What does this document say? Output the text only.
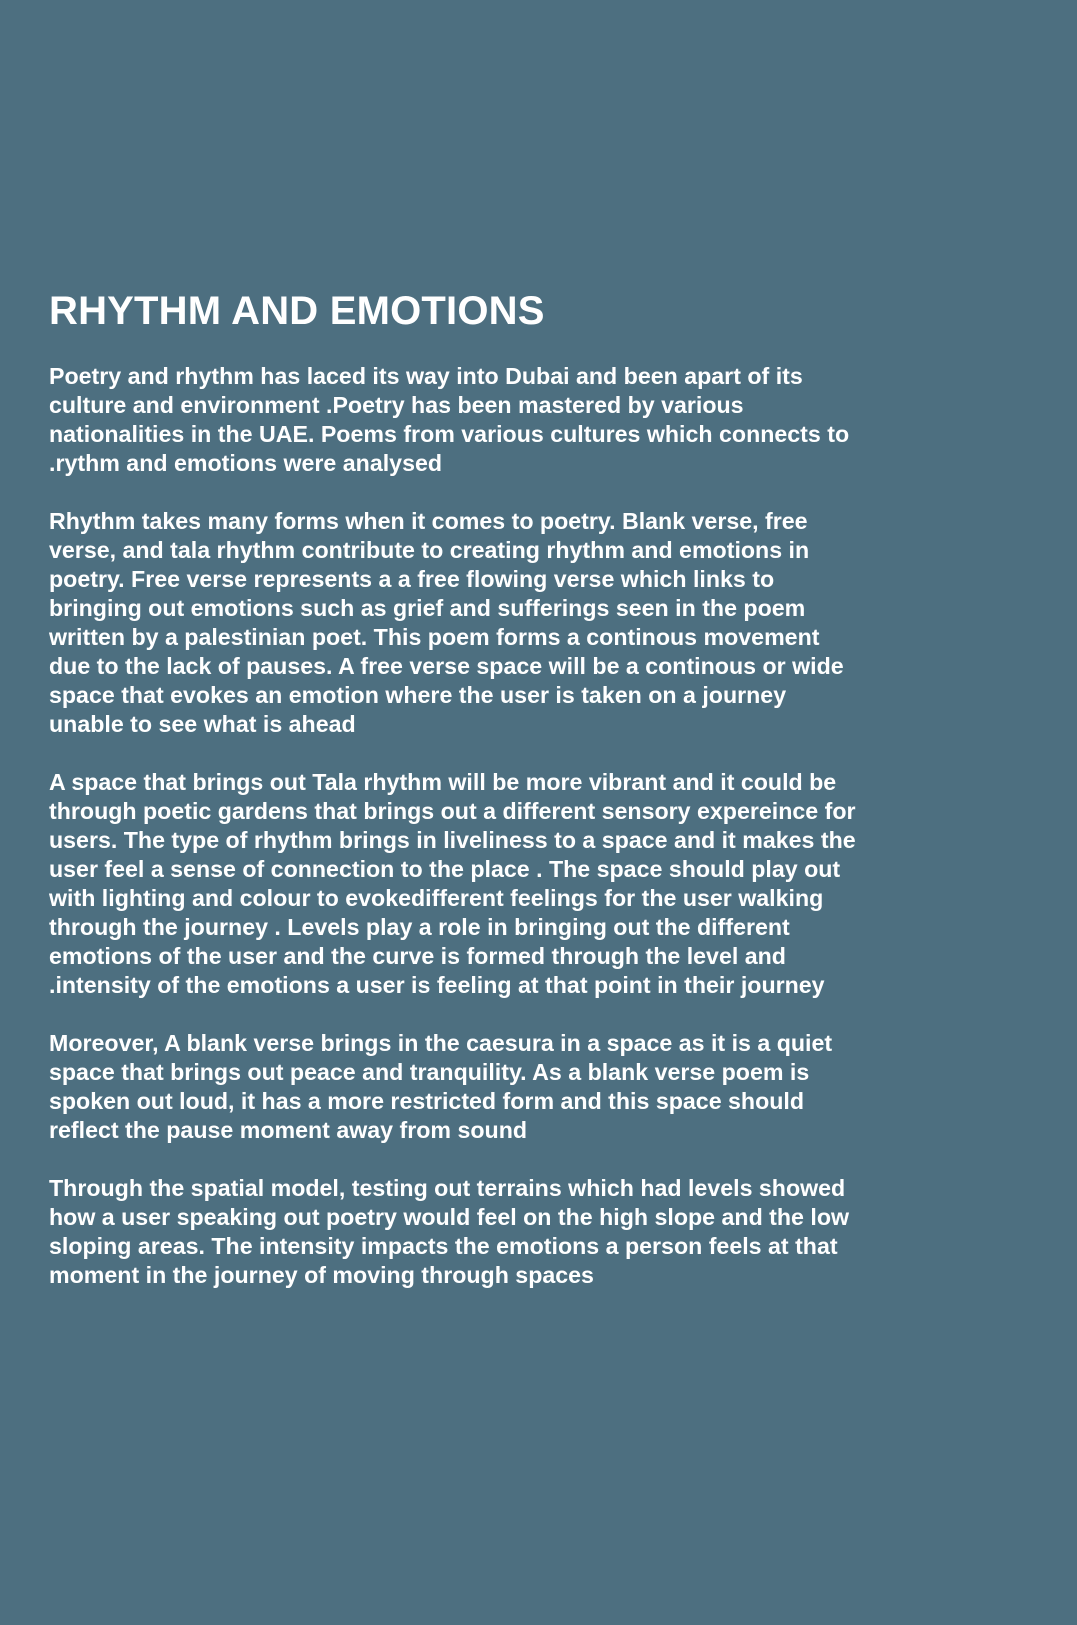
RHYTHM AND EMOTIONS
Poetry and rhythm has laced its way into Dubai and been apart of its
culture and environment .Poetry has been mastered by various
nationalities in the UAE. Poems from various cultures which connects to
.rythm and emotions were analysed
Rhythm takes many forms when it comes to poetry. Blank verse, free
verse, and tala rhythm contribute to creating rhythm and emotions in
poetry. Free verse represents a a free flowing verse which links to
bringing out emotions such as grief and sufferings seen in the poem
written by a palestinian poet. This poem forms a continous movement
due to the lack of pauses. A free verse space will be a continous or wide
space that evokes an emotion where the user is taken on a journey
unable to see what is ahead
A space that brings out Tala rhythm will be more vibrant and it could be
through poetic gardens that brings out a different sensory expereince for
users. The type of rhythm brings in liveliness to a space and it makes the
user feel a sense of connection to the place . The space should play out
with lighting and colour to evokedifferent feelings for the user walking
through the journey . Levels play a role in bringing out the different
emotions of the user and the curve is formed through the level and
.intensity of the emotions a user is feeling at that point in their journey
Moreover, A blank verse brings in the caesura in a space as it is a quiet
space that brings out peace and tranquility. As a blank verse poem is
spoken out loud, it has a more restricted form and this space should
reflect the pause moment away from sound
Through the spatial model, testing out terrains which had levels showed
how a user speaking out poetry would feel on the high slope and the low
sloping areas. The intensity impacts the emotions a person feels at that
moment in the journey of moving through spaces
